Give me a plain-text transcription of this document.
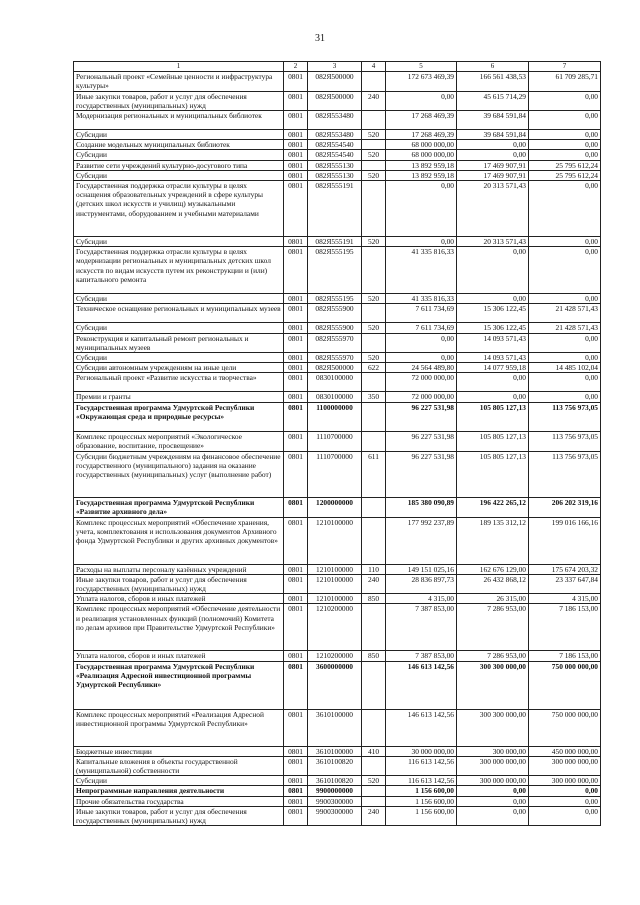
31
1	2	3	4	5	6	7
Региональный проект «Семейные ценности и инфраструктура культуры»	0801	082Я500000		172 673 469,39	166 561 438,53	61 709 285,71
Иные закупки товаров, работ и услуг для обеспечения государственных (муниципальных) нужд	0801	082Я500000	240	0,00	45 615 714,29	0,00
Модернизация региональных и муниципальных библиотек	0801	082Я553480		17 268 469,39	39 684 591,84	0,00
Субсидии	0801	082Я553480	520	17 268 469,39	39 684 591,84	0,00
Создание модельных муниципальных библиотек	0801	082Я554540		68 000 000,00	0,00	0,00
Субсидии	0801	082Я554540	520	68 000 000,00	0,00	0,00
Развитие сети учреждений культурно-досугового типа	0801	082Я555130		13 892 959,18	17 469 907,91	25 795 612,24
Субсидии	0801	082Я555130	520	13 892 959,18	17 469 907,91	25 795 612,24
Государственная поддержка отрасли культуры в целях оснащения образовательных учреждений в сфере культуры (детских школ искусств и училищ) музыкальными инструментами, оборудованием и учебными материалами	0801	082Я555191		0,00	20 313 571,43	0,00
Субсидии	0801	082Я555191	520	0,00	20 313 571,43	0,00
Государственная поддержка отрасли культуры в целях модернизации региональных и муниципальных детских школ искусств по видам искусств путем их реконструкции и (или) капитального ремонта	0801	082Я555195		41 335 816,33	0,00	0,00
Субсидии	0801	082Я555195	520	41 335 816,33	0,00	0,00
Техническое оснащение региональных и муниципальных музеев	0801	082Я555900		7 611 734,69	15 306 122,45	21 428 571,43
Субсидии	0801	082Я555900	520	7 611 734,69	15 306 122,45	21 428 571,43
Реконструкция и капитальный ремонт региональных и муниципальных музеев	0801	082Я555970		0,00	14 093 571,43	0,00
Субсидии	0801	082Я555970	520	0,00	14 093 571,43	0,00
Субсидии автономным учреждениям на иные цели	0801	082Я500000	622	24 564 489,80	14 077 959,18	14 485 102,04
Региональный проект «Развитие искусства и творчества»	0801	0830100000		72 000 000,00	0,00	0,00
Премии и гранты	0801	0830100000	350	72 000 000,00	0,00	0,00
Государственная программа Удмуртской Республики «Окружающая среда и природные ресурсы»	0801	1100000000		96 227 531,98	105 805 127,13	113 756 973,05
Комплекс процессных мероприятий «Экологическое образование, воспитание, просвещение»	0801	1110700000		96 227 531,98	105 805 127,13	113 756 973,05
Субсидии бюджетным учреждениям на финансовое обеспечение государственного (муниципального) задания на оказание государственных (муниципальных) услуг (выполнение работ)	0801	1110700000	611	96 227 531,98	105 805 127,13	113 756 973,05
Государственная программа Удмуртской Республики «Развитие архивного дела»	0801	1200000000		185 380 090,89	196 422 265,12	206 202 319,16
Комплекс процессных мероприятий «Обеспечение хранения, учета, комплектования и использования документов Архивного фонда Удмуртской Республики и других архивных документов»	0801	1210100000		177 992 237,89	189 135 312,12	199 016 166,16
Расходы на выплаты персоналу казённых учреждений	0801	1210100000	110	149 151 025,16	162 676 129,00	175 674 203,32
Иные закупки товаров, работ и услуг для обеспечения государственных (муниципальных) нужд	0801	1210100000	240	28 836 897,73	26 432 868,12	23 337 647,84
Уплата налогов, сборов и иных платежей	0801	1210100000	850	4 315,00	26 315,00	4 315,00
Комплекс процессных мероприятий «Обеспечение деятельности и реализация установленных функций (полномочий) Комитета по делам архивов при Правительстве Удмуртской Республики»	0801	1210200000		7 387 853,00	7 286 953,00	7 186 153,00
Уплата налогов, сборов и иных платежей	0801	1210200000	850	7 387 853,00	7 286 953,00	7 186 153,00
Государственная программа Удмуртской Республики «Реализация Адресной инвестиционной программы Удмуртской Республики»	0801	3600000000		146 613 142,56	300 300 000,00	750 000 000,00
Комплекс процессных мероприятий «Реализация Адресной инвестиционной программы Удмуртской Республики»	0801	3610100000		146 613 142,56	300 300 000,00	750 000 000,00
Бюджетные инвестиции	0801	3610100000	410	30 000 000,00	300 000,00	450 000 000,00
Капитальные вложения в объекты государственной (муниципальной) собственности	0801	3610100820		116 613 142,56	300 000 000,00	300 000 000,00
Субсидии	0801	3610100820	520	116 613 142,56	300 000 000,00	300 000 000,00
Непрограммные направления деятельности	0801	9900000000		1 156 600,00	0,00	0,00
Прочие обязательства государства	0801	9900300000		1 156 600,00	0,00	0,00
Иные закупки товаров, работ и услуг для обеспечения государственных (муниципальных) нужд	0801	9900300000	240	1 156 600,00	0,00	0,00
